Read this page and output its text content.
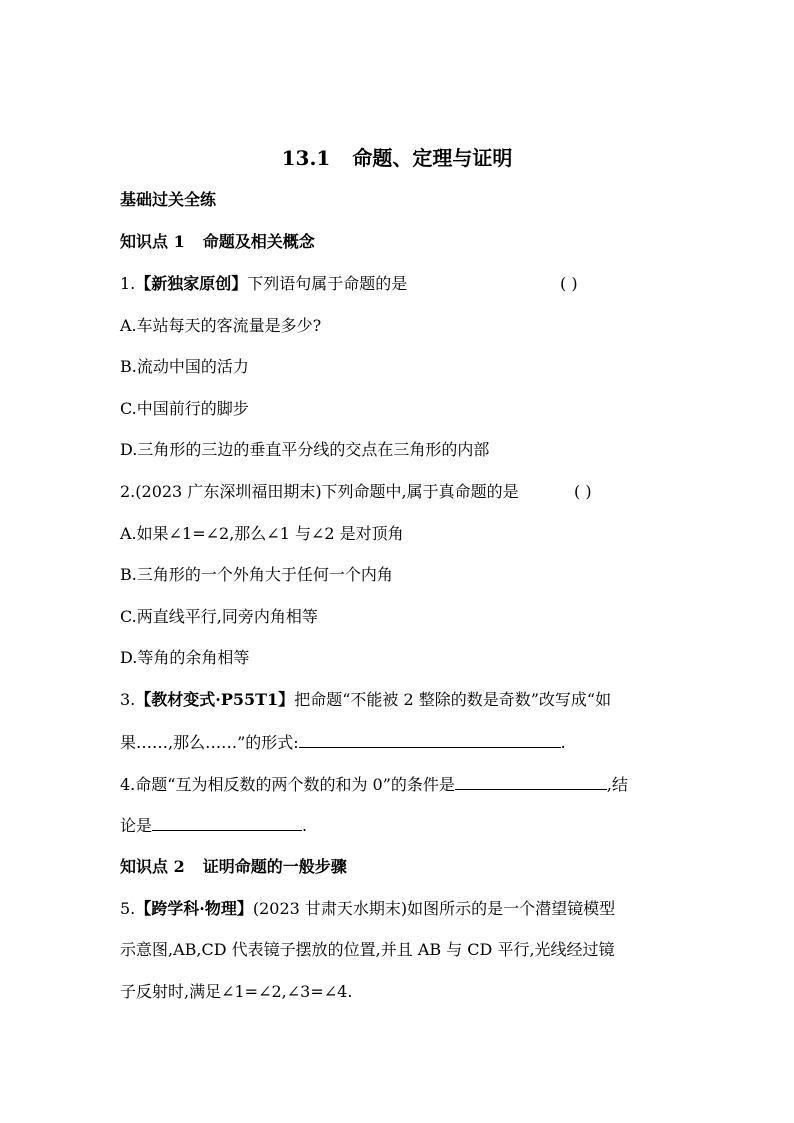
13.1 命题、定理与证明
基础过关全练
知识点 1 命题及相关概念
1.【新独家原创】下列语句属于命题的是	( )
A.车站每天的客流量是多少?
B.流动中国的活力
C.中国前行的脚步
D.三角形的三边的垂直平分线的交点在三角形的内部
2.(2023 广东深圳福田期末)下列命题中,属于真命题的是	( )
A.如果∠1=∠2,那么∠1 与∠2 是对顶角
B.三角形的一个外角大于任何一个内角
C.两直线平行,同旁内角相等
D.等角的余角相等
3.【教材变式·P55T1】把命题“不能被 2 整除的数是奇数”改写成“如
果……,那么……”的形式:	.
4.命题“互为相反数的两个数的和为 0”的条件是	,结
论是	.
知识点 2 证明命题的一般步骤
5.【跨学科·物理】(2023 甘肃天水期末)如图所示的是一个潜望镜模型
示意图,AB,CD 代表镜子摆放的位置,并且 AB 与 CD 平行,光线经过镜
子反射时,满足∠1=∠2,∠3=∠4.
